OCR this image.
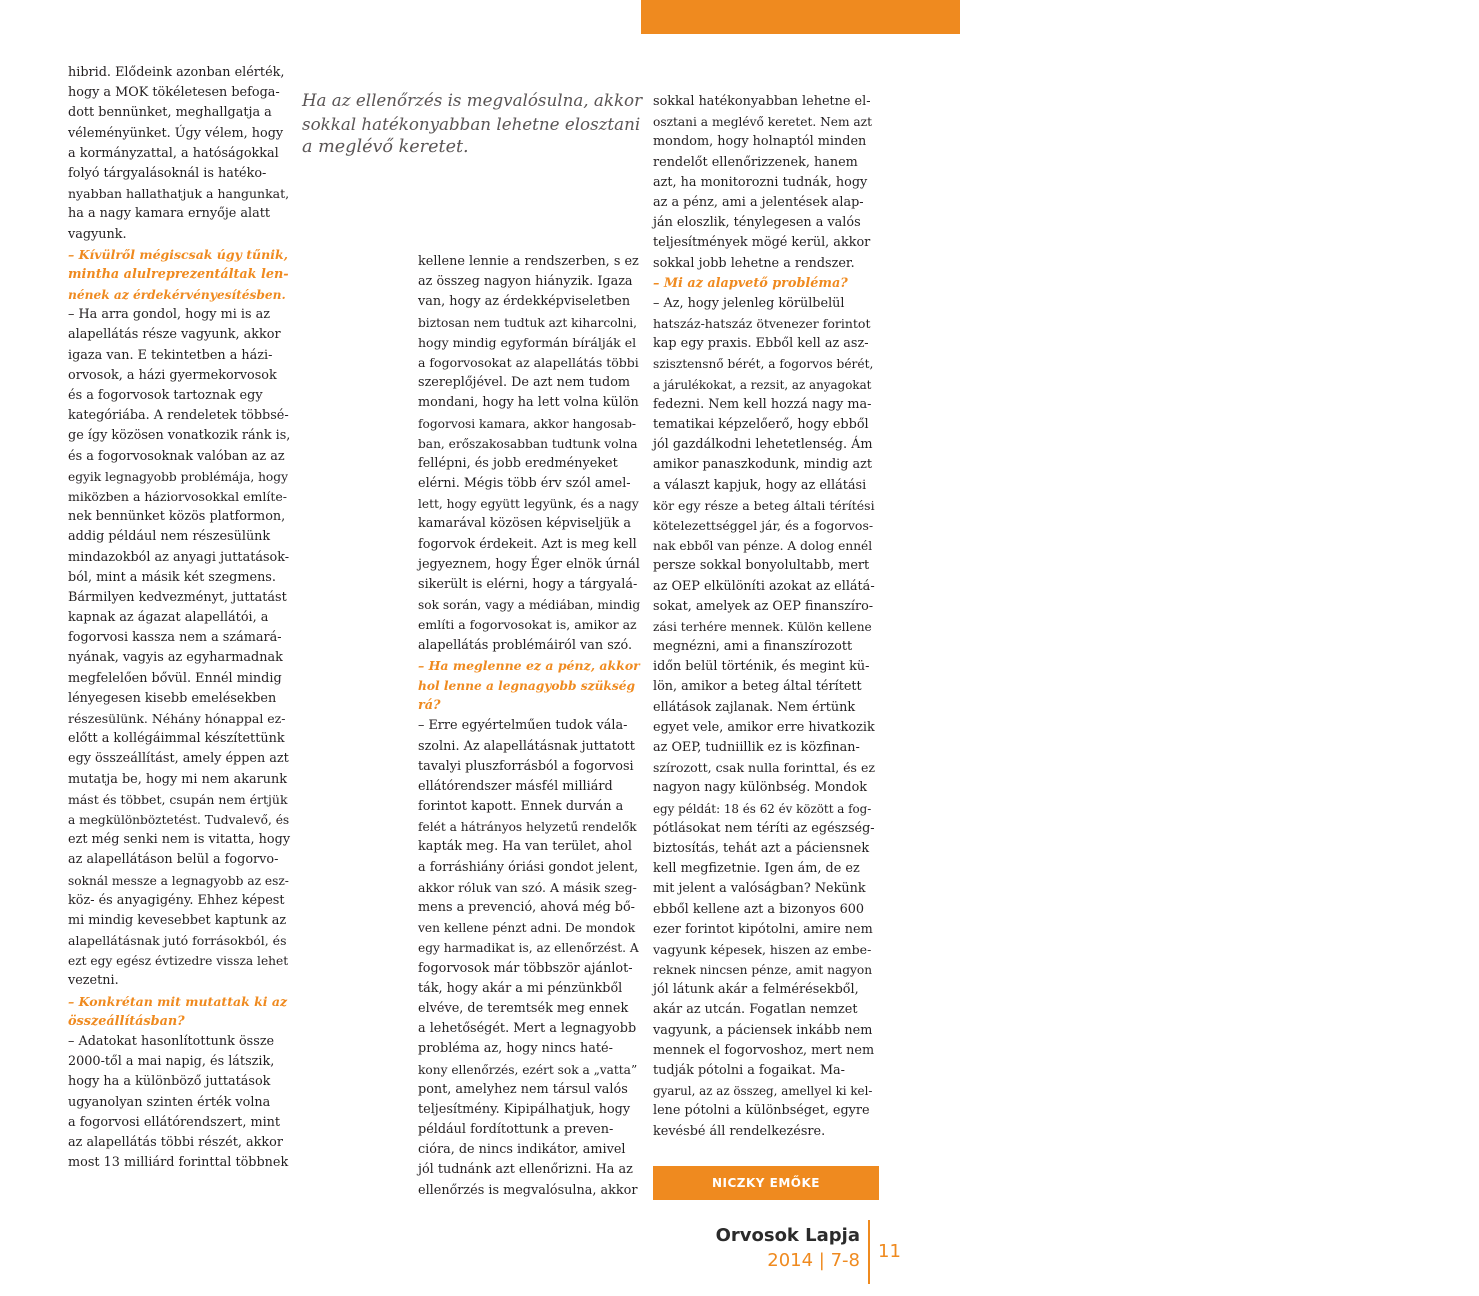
ORVOSKAMARA
hibrid. Elődeink azonban elérték,
hogy a MOK tökéletesen befoga-
dott bennünket, meghallgatja a
véleményünket. Úgy vélem, hogy
a kormányzattal, a hatóságokkal
folyó tárgyalásoknál is hatéko-
nyabban hallathatjuk a hangunkat,
ha a nagy kamara ernyője alatt
vagyunk.
– Kívülről mégiscsak úgy tűnik,
mintha alulreprezentáltak len-
nének az érdekérvényesítésben.
– Ha arra gondol, hogy mi is az
alapellátás része vagyunk, akkor
igaza van. E tekintetben a házi-
orvosok, a házi gyermekorvosok
és a fogorvosok tartoznak egy
kategóriába. A rendeletek többsé-
ge így közösen vonatkozik ránk is,
és a fogorvosoknak valóban az az
egyik legnagyobb problémája, hogy
miközben a háziorvosokkal említe-
nek bennünket közös platformon,
addig például nem részesülünk
mindazokból az anyagi juttatások-
ból, mint a másik két szegmens.
Bármilyen kedvezményt, juttatást
kapnak az ágazat alapellátói, a
fogorvosi kassza nem a számará-
nyának, vagyis az egyharmadnak
megfelelően bővül. Ennél mindig
lényegesen kisebb emelésekben
részesülünk. Néhány hónappal ez-
előtt a kollégáimmal készítettünk
egy összeállítást, amely éppen azt
mutatja be, hogy mi nem akarunk
mást és többet, csupán nem értjük
a megkülönböztetést. Tudvalevő, és
ezt még senki nem is vitatta, hogy
az alapellátáson belül a fogorvo-
soknál messze a legnagyobb az esz-
köz- és anyagigény. Ehhez képest
mi mindig kevesebbet kaptunk az
alapellátásnak jutó forrásokból, és
ezt egy egész évtizedre vissza lehet
vezetni.
– Konkrétan mit mutattak ki az
összeállításban?
– Adatokat hasonlítottunk össze
2000-től a mai napig, és látszik,
hogy ha a különböző juttatások
ugyanolyan szinten érték volna
a fogorvosi ellátórendszert, mint
az alapellátás többi részét, akkor
most 13 milliárd forinttal többnek
Ha az ellenőrzés is megvalósulna, akkor
sokkal hatékonyabban lehetne elosztani
a meglévő keretet.
kellene lennie a rendszerben, s ez
az összeg nagyon hiányzik. Igaza
van, hogy az érdekképviseletben
biztosan nem tudtuk azt kiharcolni,
hogy mindig egyformán bírálják el
a fogorvosokat az alapellátás többi
szereplőjével. De azt nem tudom
mondani, hogy ha lett volna külön
fogorvosi kamara, akkor hangosab-
ban, erőszakosabban tudtunk volna
fellépni, és jobb eredményeket
elérni. Mégis több érv szól amel-
lett, hogy együtt legyünk, és a nagy
kamarával közösen képviseljük a
fogorvok érdekeit. Azt is meg kell
jegyeznem, hogy Éger elnök úrnál
sikerült is elérni, hogy a tárgyalá-
sok során, vagy a médiában, mindig
említi a fogorvosokat is, amikor az
alapellátás problémáiról van szó.
– Ha meglenne ez a pénz, akkor
hol lenne a legnagyobb szükség
rá?
– Erre egyértelműen tudok vála-
szolni. Az alapellátásnak juttatott
tavalyi pluszforrásból a fogorvosi
ellátórendszer másfél milliárd
forintot kapott. Ennek durván a
felét a hátrányos helyzetű rendelők
kapták meg. Ha van terület, ahol
a forráshiány óriási gondot jelent,
akkor róluk van szó. A másik szeg-
mens a prevenció, ahová még bő-
ven kellene pénzt adni. De mondok
egy harmadikat is, az ellenőrzést. A
fogorvosok már többször ajánlot-
ták, hogy akár a mi pénzünkből
elvéve, de teremtsék meg ennek
a lehetőségét. Mert a legnagyobb
probléma az, hogy nincs haté-
kony ellenőrzés, ezért sok a „vatta”
pont, amelyhez nem társul valós
teljesítmény. Kipipálhatjuk, hogy
például fordítottunk a preven-
cióra, de nincs indikátor, amivel
jól tudnánk azt ellenőrizni. Ha az
ellenőrzés is megvalósulna, akkor
sokkal hatékonyabban lehetne el-
osztani a meglévő keretet. Nem azt
mondom, hogy holnaptól minden
rendelőt ellenőrizzenek, hanem
azt, ha monitorozni tudnák, hogy
az a pénz, ami a jelentések alap-
ján eloszlik, ténylegesen a valós
teljesítmények mögé kerül, akkor
sokkal jobb lehetne a rendszer.
– Mi az alapvető probléma?
– Az, hogy jelenleg körülbelül
hatszáz-hatszáz ötvenezer forintot
kap egy praxis. Ebből kell az asz-
szisztensnő bérét, a fogorvos bérét,
a járulékokat, a rezsit, az anyagokat
fedezni. Nem kell hozzá nagy ma-
tematikai képzelőerő, hogy ebből
jól gazdálkodni lehetetlenség. Ám
amikor panaszkodunk, mindig azt
a választ kapjuk, hogy az ellátási
kör egy része a beteg általi térítési
kötelezettséggel jár, és a fogorvos-
nak ebből van pénze. A dolog ennél
persze sokkal bonyolultabb, mert
az OEP elkülöníti azokat az ellátá-
sokat, amelyek az OEP finanszíro-
zási terhére mennek. Külön kellene
megnézni, ami a finanszírozott
időn belül történik, és megint kü-
lön, amikor a beteg által térített
ellátások zajlanak. Nem értünk
egyet vele, amikor erre hivatkozik
az OEP, tudniillik ez is közfinan-
szírozott, csak nulla forinttal, és ez
nagyon nagy különbség. Mondok
egy példát: 18 és 62 év között a fog-
pótlásokat nem téríti az egészség-
biztosítás, tehát azt a páciensnek
kell megfizetnie. Igen ám, de ez
mit jelent a valóságban? Nekünk
ebből kellene azt a bizonyos 600
ezer forintot kipótolni, amire nem
vagyunk képesek, hiszen az embe-
reknek nincsen pénze, amit nagyon
jól látunk akár a felmérésekből,
akár az utcán. Fogatlan nemzet
vagyunk, a páciensek inkább nem
mennek el fogorvoshoz, mert nem
tudják pótolni a fogaikat. Ma-
gyarul, az az összeg, amellyel ki kel-
lene pótolni a különbséget, egyre
kevésbé áll rendelkezésre.
NICZKY EMŐKE
Orvosok Lapja
2014 | 7-8 11
